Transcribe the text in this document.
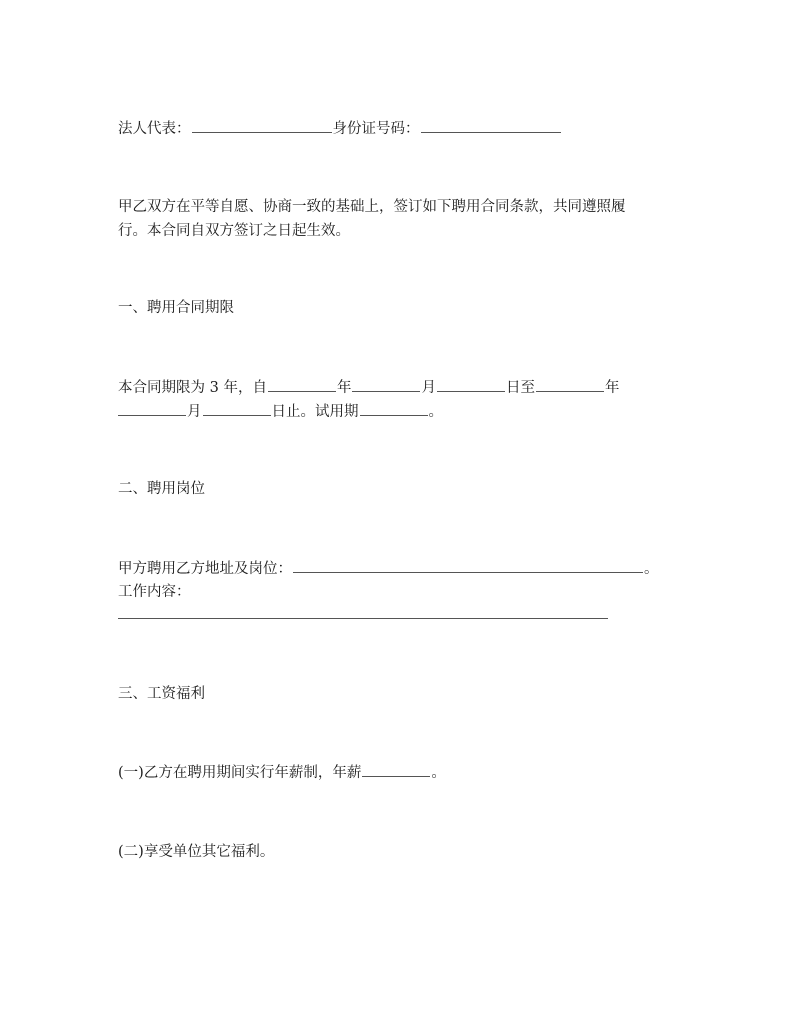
法人代表：	身份证号码：
甲乙双方在平等自愿、协商一致的基础上，签订如下聘用合同条款，共同遵照履
行。本合同自双方签订之日起生效。
一、聘用合同期限
本合同期限为 3 年，自	年	月	日至	年
月	日止。试用期	。
二、聘用岗位
甲方聘用乙方地址及岗位：	。
工作内容：
三、工资福利
(一)乙方在聘用期间实行年薪制，年薪	。
(二)享受单位其它福利。
